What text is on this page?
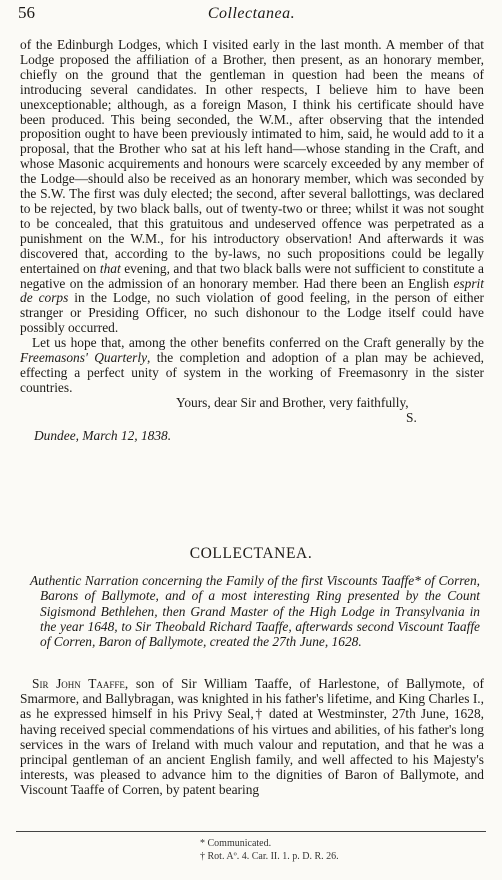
56	Collectanea.

of the Edinburgh Lodges, which I visited early in the last month. A member of that Lodge proposed the affiliation of a Brother, then present, as an honorary member, chiefly on the ground that the gentleman in question had been the means of introducing several candidates. In other respects, I believe him to have been unexceptionable; although, as a foreign Mason, I think his certificate should have been produced. This being seconded, the W.M., after observing that the intended proposition ought to have been previously intimated to him, said, he would add to it a proposal, that the Brother who sat at his left hand—whose standing in the Craft, and whose Masonic acquirements and honours were scarcely exceeded by any member of the Lodge—should also be received as an honorary member, which was seconded by the S.W. The first was duly elected; the second, after several ballottings, was declared to be rejected, by two black balls, out of twenty-two or three; whilst it was not sought to be concealed, that this gratuitous and undeserved offence was perpetrated as a punishment on the W.M., for his introductory observation! And afterwards it was discovered that, according to the by-laws, no such propositions could be legally entertained on that evening, and that two black balls were not sufficient to constitute a negative on the admission of an honorary member. Had there been an English esprit de corps in the Lodge, no such violation of good feeling, in the person of either stranger or Presiding Officer, no such dishonour to the Lodge itself could have possibly occurred.

Let us hope that, among the other benefits conferred on the Craft generally by the Freemasons' Quarterly, the completion and adoption of a plan may be achieved, effecting a perfect unity of system in the working of Freemasonry in the sister countries.

Yours, dear Sir and Brother, very faithfully,

S.

Dundee, March 12, 1838.

COLLECTANEA.
Authentic Narration concerning the Family of the first Viscounts Taaffe* of Corren, Barons of Ballymote, and of a most interesting Ring presented by the Count Sigismond Bethlehen, then Grand Master of the High Lodge in Transylvania in the year 1648, to Sir Theobald Richard Taaffe, afterwards second Viscount Taaffe of Corren, Baron of Ballymote, created the 27th June, 1628.

Sir John Taaffe, son of Sir William Taaffe, of Harlestone, of Ballymote, of Smarmore, and Ballybragan, was knighted in his father's lifetime, and King Charles I., as he expressed himself in his Privy Seal,† dated at Westminster, 27th June, 1628, having received special commendations of his virtues and abilities, of his father's long services in the wars of Ireland with much valour and reputation, and that he was a principal gentleman of an ancient English family, and well affected to his Majesty's interests, was pleased to advance him to the dignities of Baron of Ballymote, and Viscount Taaffe of Corren, by patent bearing

* Communicated.
† Rot. Aº. 4. Car. II. 1. p. D. R. 26.
